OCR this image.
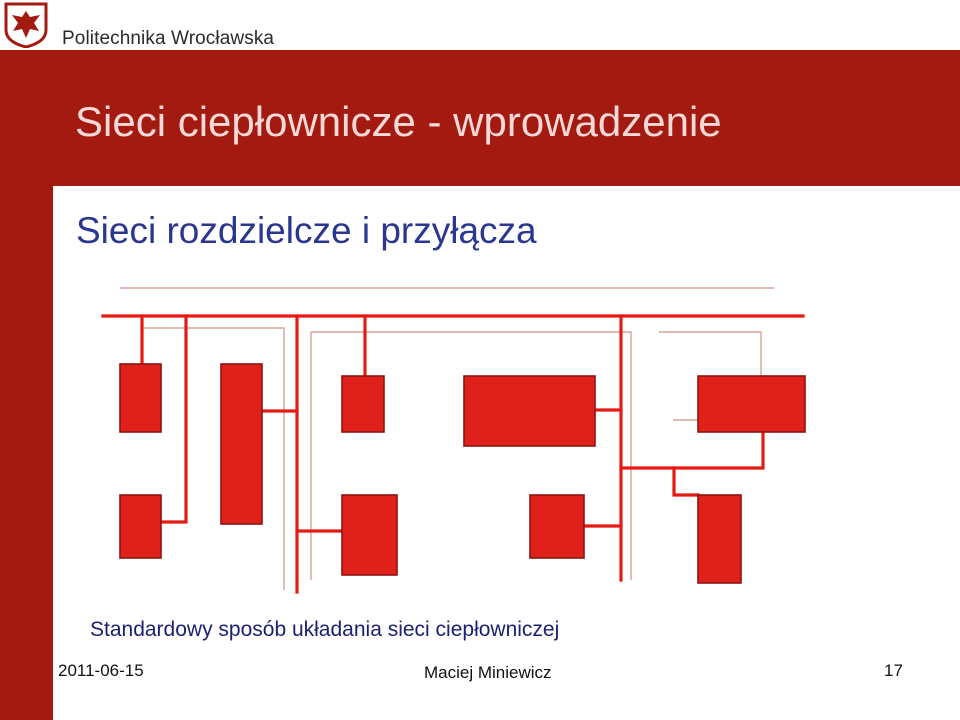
Politechnika Wrocławska
Sieci ciepłownicze - wprowadzenie
Sieci rozdzielcze i przyłącza
Standardowy sposób układania sieci ciepłowniczej
2011-06-15	Maciej Miniewicz	17
